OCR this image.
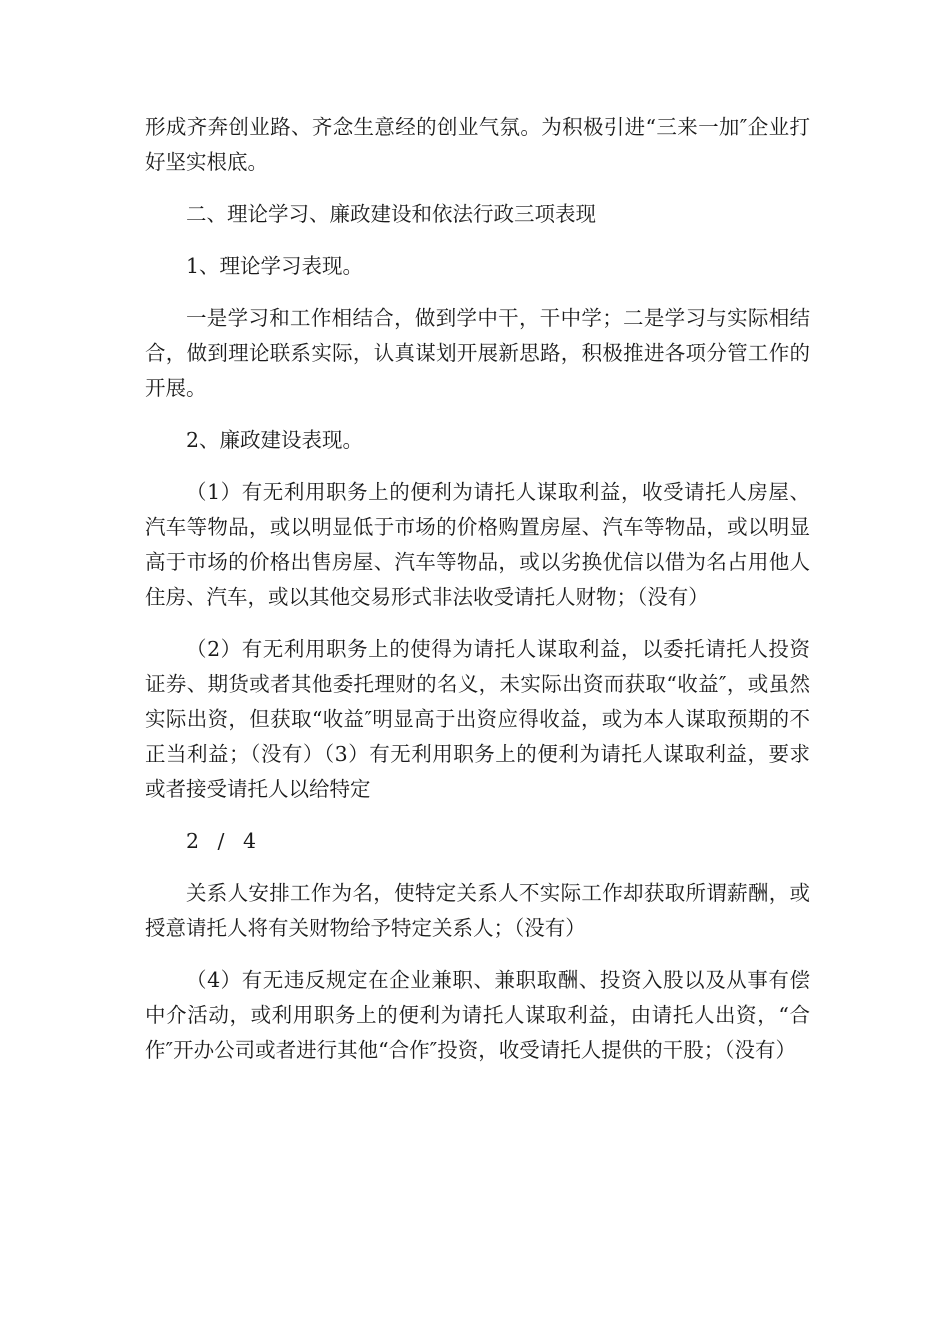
形成齐奔创业路、齐念生意经的创业气氛。为积极引进“三来一加″企业打好坚实根底。

二、理论学习、廉政建设和依法行政三项表现

1、理论学习表现。

一是学习和工作相结合，做到学中干，干中学；二是学习与实际相结合，做到理论联系实际，认真谋划开展新思路，积极推进各项分管工作的开展。

2、廉政建设表现。

（1）有无利用职务上的便利为请托人谋取利益，收受请托人房屋、汽车等物品，或以明显低于市场的价格购置房屋、汽车等物品，或以明显高于市场的价格出售房屋、汽车等物品，或以劣换优信以借为名占用他人住房、汽车，或以其他交易形式非法收受请托人财物；（没有）

（2）有无利用职务上的使得为请托人谋取利益，以委托请托人投资证券、期货或者其他委托理财的名义，未实际出资而获取“收益″，或虽然实际出资，但获取“收益″明显高于出资应得收益，或为本人谋取预期的不正当利益；（没有）（3）有无利用职务上的便利为请托人谋取利益，要求或者接受请托人以给特定

2 / 4

关系人安排工作为名，使特定关系人不实际工作却获取所谓薪酬，或授意请托人将有关财物给予特定关系人；（没有）

（4）有无违反规定在企业兼职、兼职取酬、投资入股以及从事有偿中介活动，或利用职务上的便利为请托人谋取利益，由请托人出资，“合作″开办公司或者进行其他“合作″投资，收受请托人提供的干股；（没有）
